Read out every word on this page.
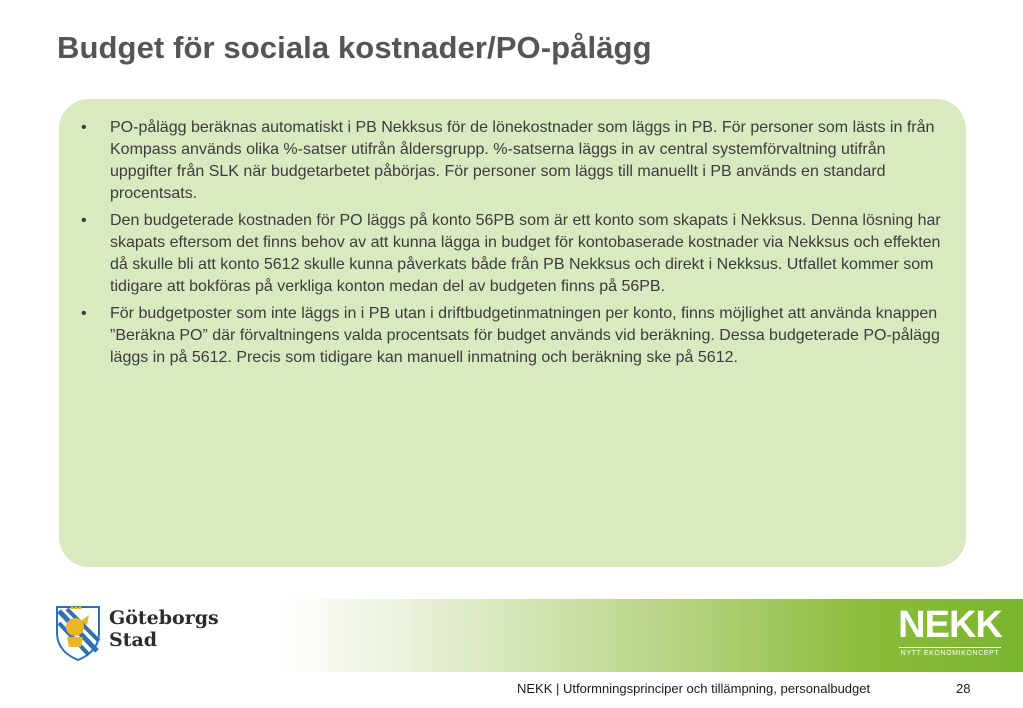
Budget för sociala kostnader/PO-pålägg
• PO-pålägg beräknas automatiskt i PB Nekksus för de lönekostnader som läggs in PB. För personer som lästs in från Kompass används olika %-satser utifrån åldersgrupp. %-satserna läggs in av central systemförvaltning utifrån uppgifter från SLK när budgetarbetet påbörjas. För personer som läggs till manuellt i PB används en standard procentsats.
• Den budgeterade kostnaden för PO läggs på konto 56PB som är ett konto som skapats i Nekksus. Denna lösning har skapats eftersom det finns behov av att kunna lägga in budget för kontobaserade kostnader via Nekksus och effekten då skulle bli att konto 5612 skulle kunna påverkats både från PB Nekksus och direkt i Nekksus. Utfallet kommer som tidigare att bokföras på verkliga konton medan del av budgeten finns på 56PB.
• För budgetposter som inte läggs in i PB utan i driftbudgetinmatningen per konto, finns möjlighet att använda knappen ”Beräkna PO” där förvaltningens valda procentsats för budget används vid beräkning. Dessa budgeterade PO-pålägg läggs in på 5612. Precis som tidigare kan manuell inmatning och beräkning ske på 5612.
Göteborgs
Stad	NEKK
NYTT EKONOMIKONCEPT
NEKK | Utformningsprinciper och tillämpning, personalbudget	28
